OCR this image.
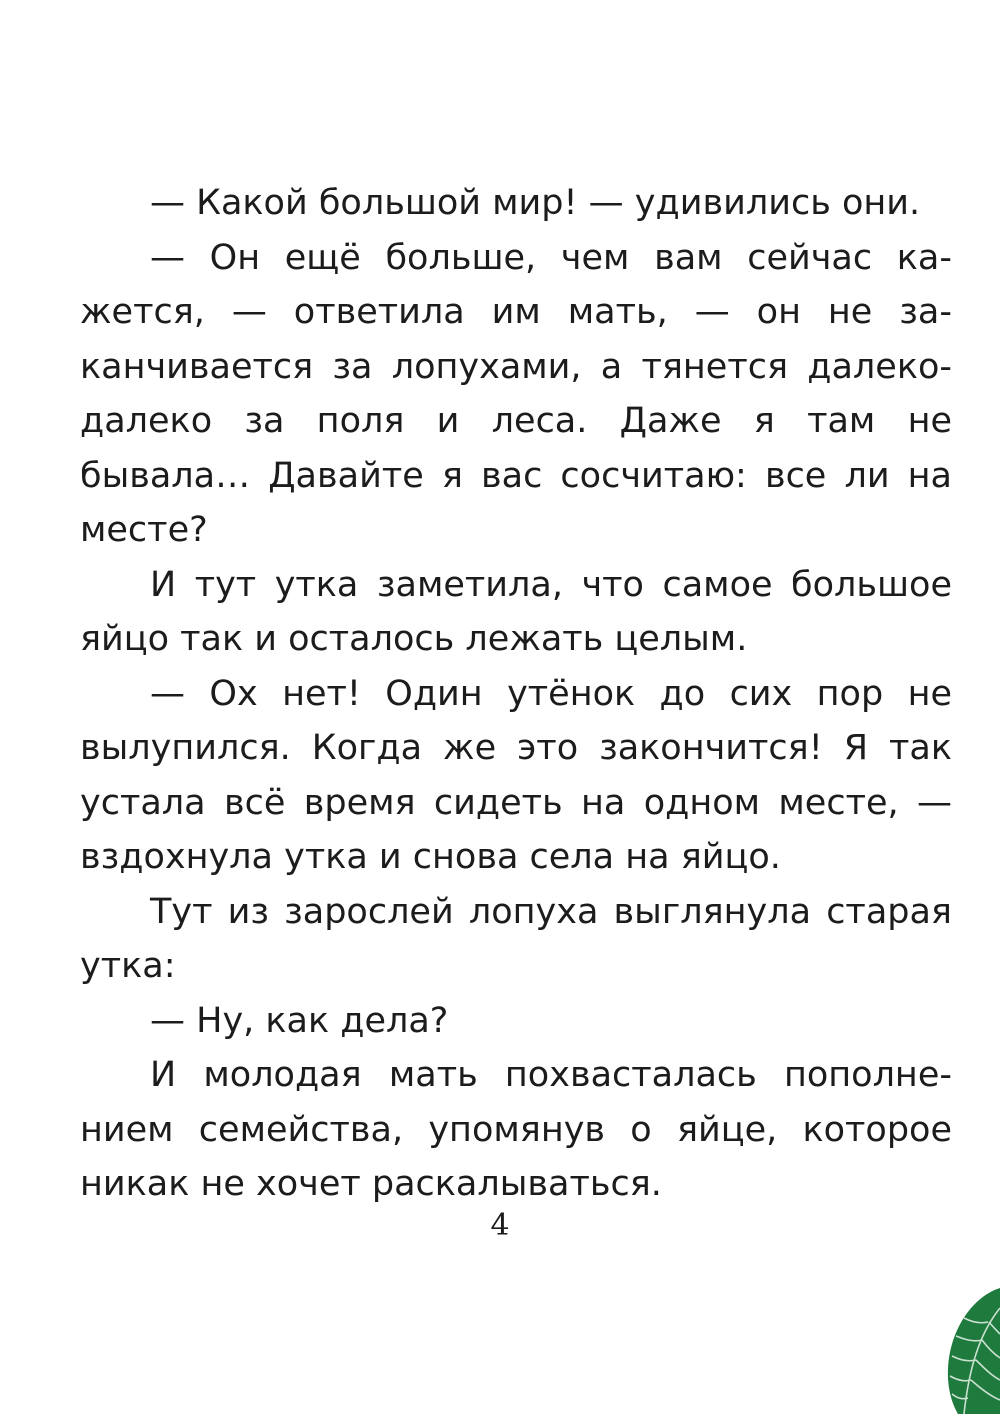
— Какой большой мир! — удивились они.

— Он ещё больше, чем вам сейчас кажется, — ответила им мать, — он не заканчивается за лопухами, а тянется далеко-далеко за поля и леса. Даже я там не бывала… Давайте я вас сосчитаю: все ли на месте?

И тут утка заметила, что самое большое яйцо так и осталось лежать целым.

— Ох нет! Один утёнок до сих пор не вылупился. Когда же это закончится! Я так устала всё время сидеть на одном месте, — вздохнула утка и снова села на яйцо.

Тут из зарослей лопуха выглянула старая утка:

— Ну, как дела?

И молодая мать похвасталась пополнением семейства, упомянув о яйце, которое никак не хочет раскалываться.

4
